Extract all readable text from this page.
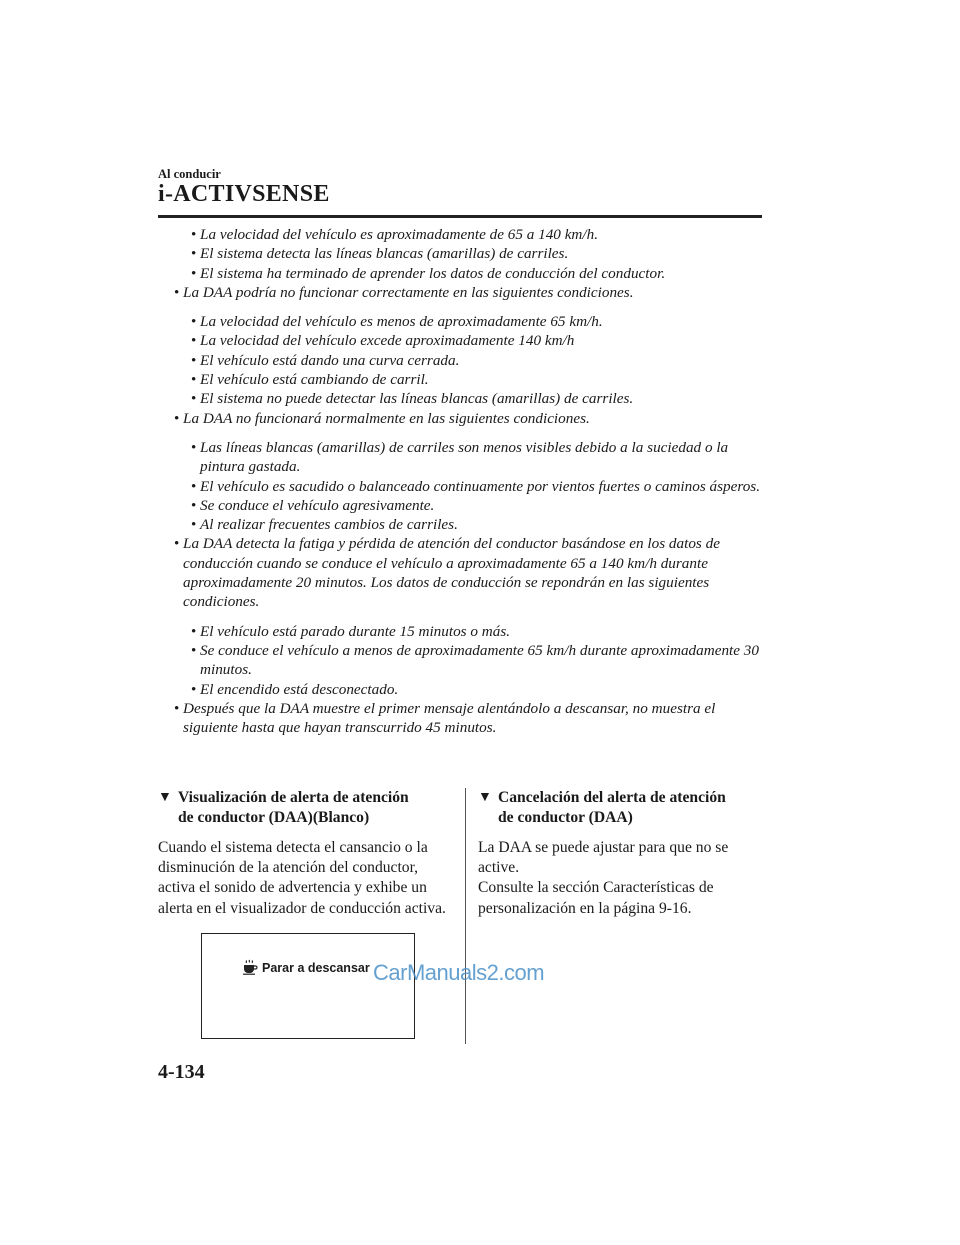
Al conducir
i-ACTIVSENSE
• La velocidad del vehículo es aproximadamente de 65 a 140 km/h.
• El sistema detecta las líneas blancas (amarillas) de carriles.
• El sistema ha terminado de aprender los datos de conducción del conductor.
• La DAA podría no funcionar correctamente en las siguientes condiciones.
• La velocidad del vehículo es menos de aproximadamente 65 km/h.
• La velocidad del vehículo excede aproximadamente 140 km/h
• El vehículo está dando una curva cerrada.
• El vehículo está cambiando de carril.
• El sistema no puede detectar las líneas blancas (amarillas) de carriles.
• La DAA no funcionará normalmente en las siguientes condiciones.
• Las líneas blancas (amarillas) de carriles son menos visibles debido a la suciedad o la pintura gastada.
• El vehículo es sacudido o balanceado continuamente por vientos fuertes o caminos ásperos.
• Se conduce el vehículo agresivamente.
• Al realizar frecuentes cambios de carriles.
• La DAA detecta la fatiga y pérdida de atención del conductor basándose en los datos de conducción cuando se conduce el vehículo a aproximadamente 65 a 140 km/h durante aproximadamente 20 minutos. Los datos de conducción se repondrán en las siguientes condiciones.
• El vehículo está parado durante 15 minutos o más.
• Se conduce el vehículo a menos de aproximadamente 65 km/h durante aproximadamente 30 minutos.
• El encendido está desconectado.
• Después que la DAA muestre el primer mensaje alentándolo a descansar, no muestra el siguiente hasta que hayan transcurrido 45 minutos.
▼ Visualización de alerta de atención
de conductor (DAA)(Blanco)
Cuando el sistema detecta el cansancio o la disminución de la atención del conductor, activa el sonido de advertencia y exhibe un alerta en el visualizador de conducción activa.
▼ Cancelación del alerta de atención
de conductor (DAA)
La DAA se puede ajustar para que no se active.
Consulte la sección Características de personalización en la página 9-16.
Parar a descansar CarManuals2.com
4-134
